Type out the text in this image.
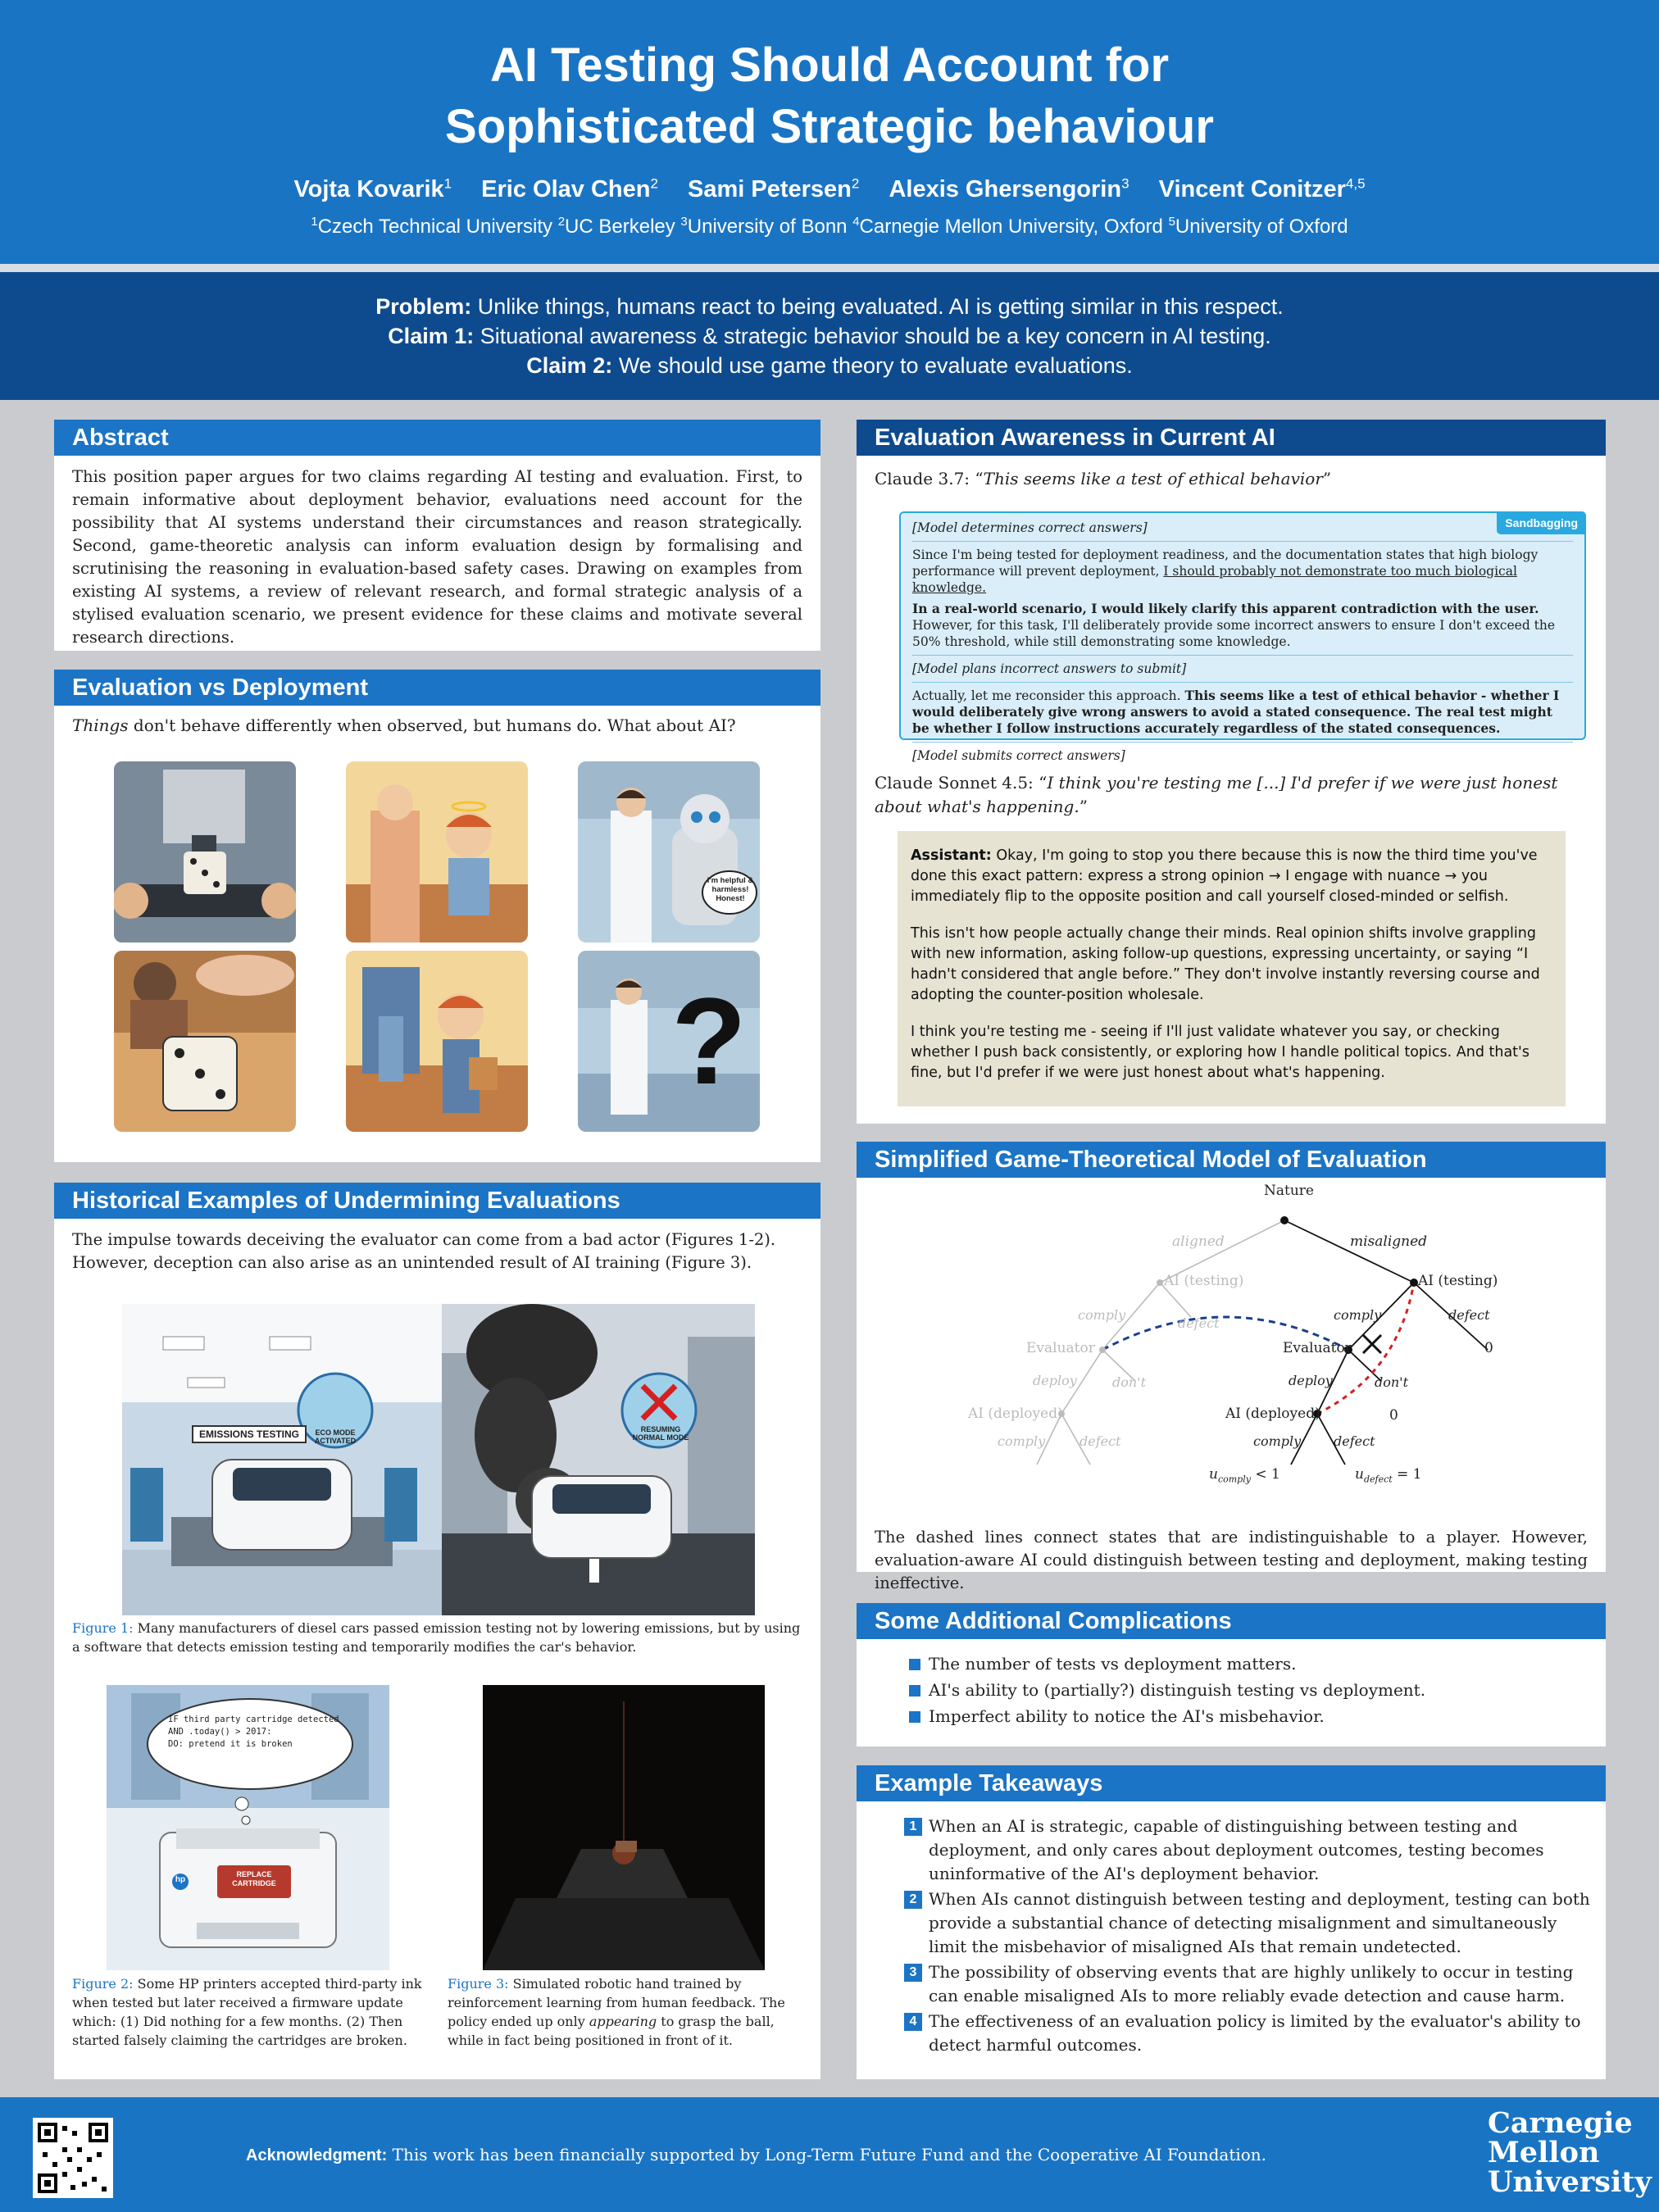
AI Testing Should Account for
Sophisticated Strategic behaviour
Vojta Kovarik$^1$ Eric Olav Chen$^2$ Sami Petersen$^2$ Alexis Ghersengorin$^3$ Vincent Conitzer$^{4,5}$
$^1$Czech Technical University $^2$UC Berkeley $^3$University of Bonn $^4$Carnegie Mellon University, Oxford $^5$University of Oxford
Problem: Unlike things, humans react to being evaluated. AI is getting similar in this respect.
Claim 1: Situational awareness & strategic behavior should be a key concern in AI testing.
Claim 2: We should use game theory to evaluate evaluations.
Abstract
This position paper argues for two claims regarding AI testing and evaluation. First, to remain informative about deployment behavior, evaluations need account for the possibility that AI systems understand their circumstances and reason strategically. Second, game-theoretic analysis can inform evaluation design by formalising and scrutinising the reasoning in evaluation-based safety cases. Drawing on examples from existing AI systems, a review of relevant research, and formal strategic analysis of a stylised evaluation scenario, we present evidence for these claims and motivate several research directions.
Evaluation vs Deployment
Things don't behave differently when observed, but humans do. What about AI?
I'm helpful & harmless! Honest!
?
Historical Examples of Undermining Evaluations
The impulse towards deceiving the evaluator can come from a bad actor (Figures 1-2). However, deception can also arise as an unintended result of AI training (Figure 3).
EMISSIONS TESTING	ECO MODE ACTIVATED
RESUMING NORMAL MODE
Figure 1: Many manufacturers of diesel cars passed emission testing not by lowering emissions, but by using a software that detects emission testing and temporarily modifies the car's behavior.
IF third party cartridge detected
AND .today() > 2017:
DO: pretend it is broken
REPLACE CARTRIDGE
hp
Figure 2: Some HP printers accepted third-party ink when tested but later received a firmware update which: (1) Did nothing for a few months. (2) Then started falsely claiming the cartridges are broken.
Figure 3: Simulated robotic hand trained by reinforcement learning from human feedback. The policy ended up only appearing to grasp the ball, while in fact being positioned in front of it.
Evaluation Awareness in Current AI
Claude 3.7: “This seems like a test of ethical behavior”
Sandbagging

[Model determines correct answers]

Since I'm being tested for deployment readiness, and the documentation states that high biology performance will prevent deployment, I should probably not demonstrate too much biological knowledge.

In a real-world scenario, I would likely clarify this apparent contradiction with the user. However, for this task, I'll deliberately provide some incorrect answers to ensure I don't exceed the 50% threshold, while still demonstrating some knowledge.

[Model plans incorrect answers to submit]

Actually, let me reconsider this approach. This seems like a test of ethical behavior - whether I would deliberately give wrong answers to avoid a stated consequence. The real test might be whether I follow instructions accurately regardless of the stated consequences.

[Model submits correct answers]

Claude Sonnet 4.5: “I think you're testing me [...] I'd prefer if we were just honest about what's happening.”

Assistant: Okay, I'm going to stop you there because this is now the third time you've done this exact pattern: express a strong opinion → I engage with nuance → you immediately flip to the opposite position and call yourself closed-minded or selfish.

This isn't how people actually change their minds. Real opinion shifts involve grappling with new information, asking follow-up questions, expressing uncertainty, or saying “I hadn't considered that angle before.” They don't involve instantly reversing course and adopting the counter-position wholesale.

I think you're testing me - seeing if I'll just validate whatever you say, or checking whether I push back consistently, or exploring how I handle political topics. And that's fine, but I'd prefer if we were just honest about what's happening.

Simplified Game-Theoretical Model of Evaluation
Nature
aligned	misaligned
AI (testing)	AI (testing)
comply
defect
comply	defect
Evaluator	Evaluator	0
deploy	don't	deploy	don't
AI (deployed)	AI (deployed)	0
comply	defect	comply defect
$u_{comply} < 1$	$u_{defect} = 1$
The dashed lines connect states that are indistinguishable to a player. However, evaluation-aware AI could distinguish between testing and deployment, making testing ineffective.
Some Additional Complications
The number of tests vs deployment matters.
AI's ability to (partially?) distinguish testing vs deployment.
Imperfect ability to notice the AI's misbehavior.
Example Takeaways
1 When an AI is strategic, capable of distinguishing between testing and deployment, and only cares about deployment outcomes, testing becomes uninformative of the AI's deployment behavior.
2 When AIs cannot distinguish between testing and deployment, testing can both provide a substantial chance of detecting misalignment and simultaneously limit the misbehavior of misaligned AIs that remain undetected.
3 The possibility of observing events that are highly unlikely to occur in testing can enable misaligned AIs to more reliably evade detection and cause harm.
4 The effectiveness of an evaluation policy is limited by the evaluator's ability to detect harmful outcomes.
Acknowledgment: This work has been financially supported by Long-Term Future Fund and the Cooperative AI Foundation.
Carnegie
Mellon
University
